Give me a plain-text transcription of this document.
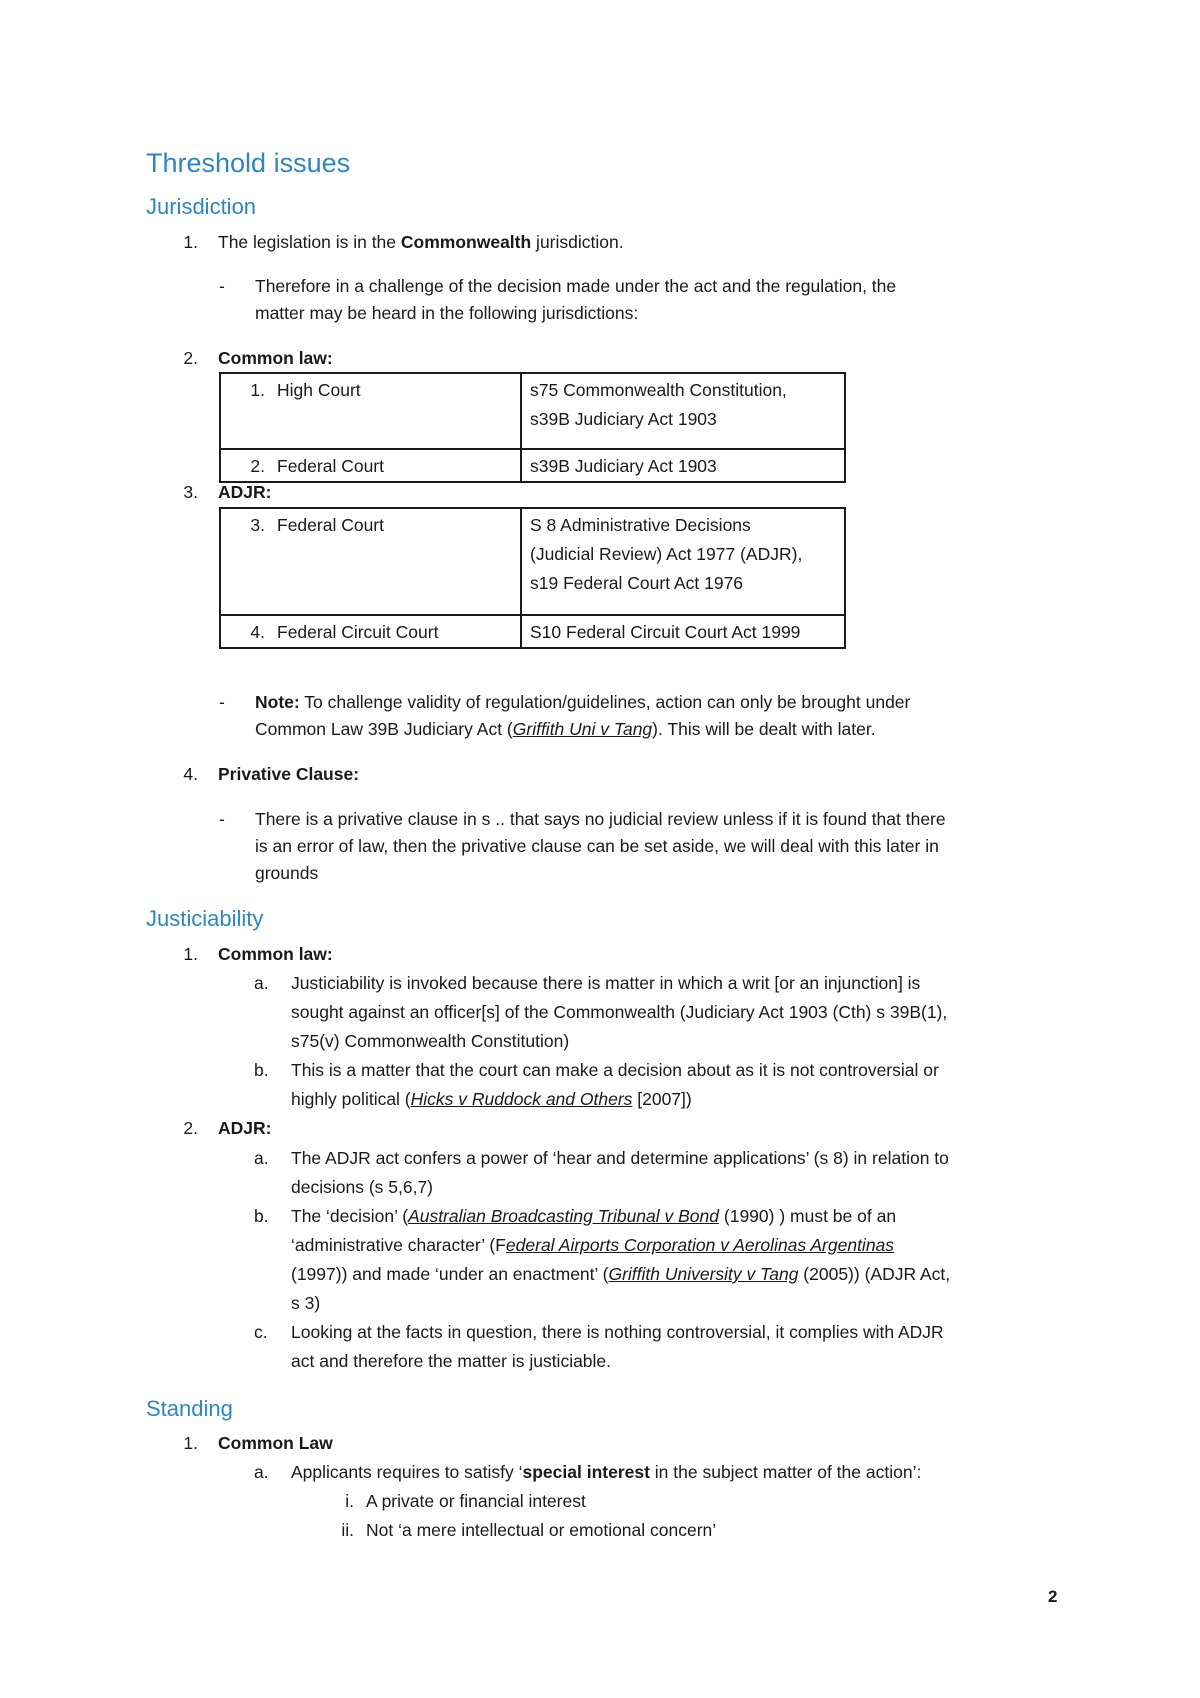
Threshold issues
Jurisdiction
1. The legislation is in the Commonwealth jurisdiction.
- Therefore in a challenge of the decision made under the act and the regulation, the
matter may be heard in the following jurisdictions:
2. Common law:
1. High Court	s75 Commonwealth Constitution,
s39B Judiciary Act 1903

2. Federal Court	s39B Judiciary Act 1903
3. ADJR:
3. Federal Court	S 8 Administrative Decisions
(Judicial Review) Act 1977 (ADJR),
s19 Federal Court Act 1976

4. Federal Circuit Court	S10 Federal Circuit Court Act 1999
- Note: To challenge validity of regulation/guidelines, action can only be brought under
Common Law 39B Judiciary Act (Griffith Uni v Tang). This will be dealt with later.
4. Privative Clause:
- There is a privative clause in s .. that says no judicial review unless if it is found that there
is an error of law, then the privative clause can be set aside, we will deal with this later in
grounds
Justiciability
1. Common law:
a. Justiciability is invoked because there is matter in which a writ [or an injunction] is
sought against an officer[s] of the Commonwealth (Judiciary Act 1903 (Cth) s 39B(1),
s75(v) Commonwealth Constitution)
b. This is a matter that the court can make a decision about as it is not controversial or
highly political (Hicks v Ruddock and Others [2007])
2. ADJR:
a. The ADJR act confers a power of ‘hear and determine applications’ (s 8) in relation to
decisions (s 5,6,7)
b. The ‘decision’ (Australian Broadcasting Tribunal v Bond (1990) ) must be of an
‘administrative character’ (Federal Airports Corporation v Aerolinas Argentinas
(1997)) and made ‘under an enactment’ (Griffith University v Tang (2005)) (ADJR Act,
s 3)
c. Looking at the facts in question, there is nothing controversial, it complies with ADJR
act and therefore the matter is justiciable.
Standing
1. Common Law
a. Applicants requires to satisfy ‘special interest in the subject matter of the action’:
i. A private or financial interest
ii. Not ‘a mere intellectual or emotional concern’
2
